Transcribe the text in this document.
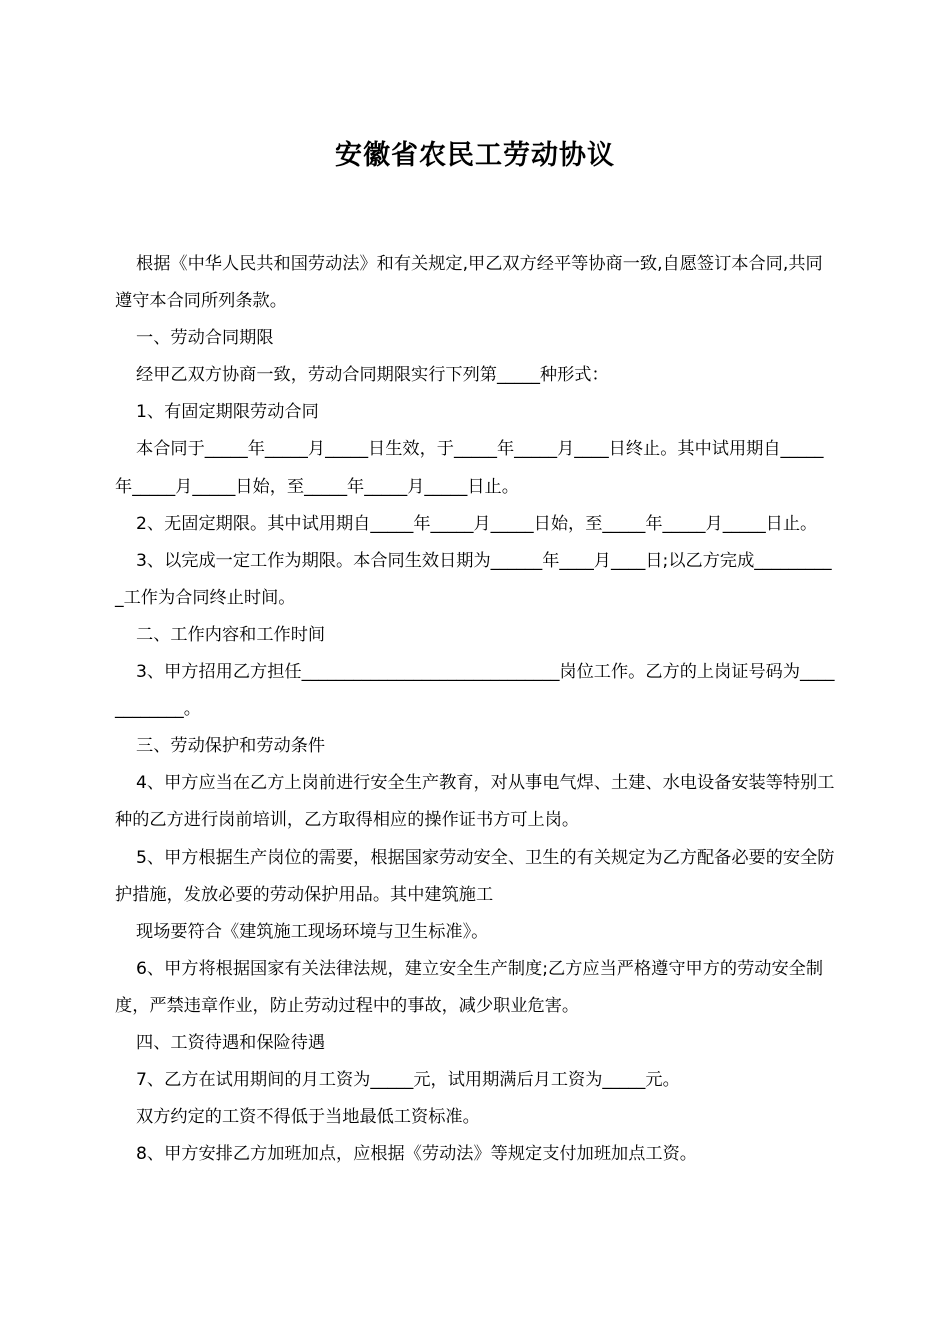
安徽省农民工劳动协议

根据《中华人民共和国劳动法》和有关规定,甲乙双方经平等协商一致,自愿签订本合同,共同遵守本合同所列条款。

一、劳动合同期限

经甲乙双方协商一致，劳动合同期限实行下列第_____种形式：

1、有固定期限劳动合同

本合同于_____年_____月_____日生效，于_____年_____月____日终止。其中试用期自_____年_____月_____日始，至_____年_____月_____日止。

2、无固定期限。其中试用期自_____年_____月_____日始，至_____年_____月_____日止。

3、以完成一定工作为期限。本合同生效日期为______年____月____日;以乙方完成__________工作为合同终止时间。

二、工作内容和工作时间

3、甲方招用乙方担任______________________________岗位工作。乙方的上岗证号码为____________。

三、劳动保护和劳动条件

4、甲方应当在乙方上岗前进行安全生产教育，对从事电气焊、土建、水电设备安装等特别工种的乙方进行岗前培训，乙方取得相应的操作证书方可上岗。

5、甲方根据生产岗位的需要，根据国家劳动安全、卫生的有关规定为乙方配备必要的安全防护措施，发放必要的劳动保护用品。其中建筑施工

现场要符合《建筑施工现场环境与卫生标准》。

6、甲方将根据国家有关法律法规，建立安全生产制度;乙方应当严格遵守甲方的劳动安全制度，严禁违章作业，防止劳动过程中的事故，减少职业危害。

四、工资待遇和保险待遇

7、乙方在试用期间的月工资为_____元，试用期满后月工资为_____元。

双方约定的工资不得低于当地最低工资标准。

8、甲方安排乙方加班加点，应根据《劳动法》等规定支付加班加点工资。
